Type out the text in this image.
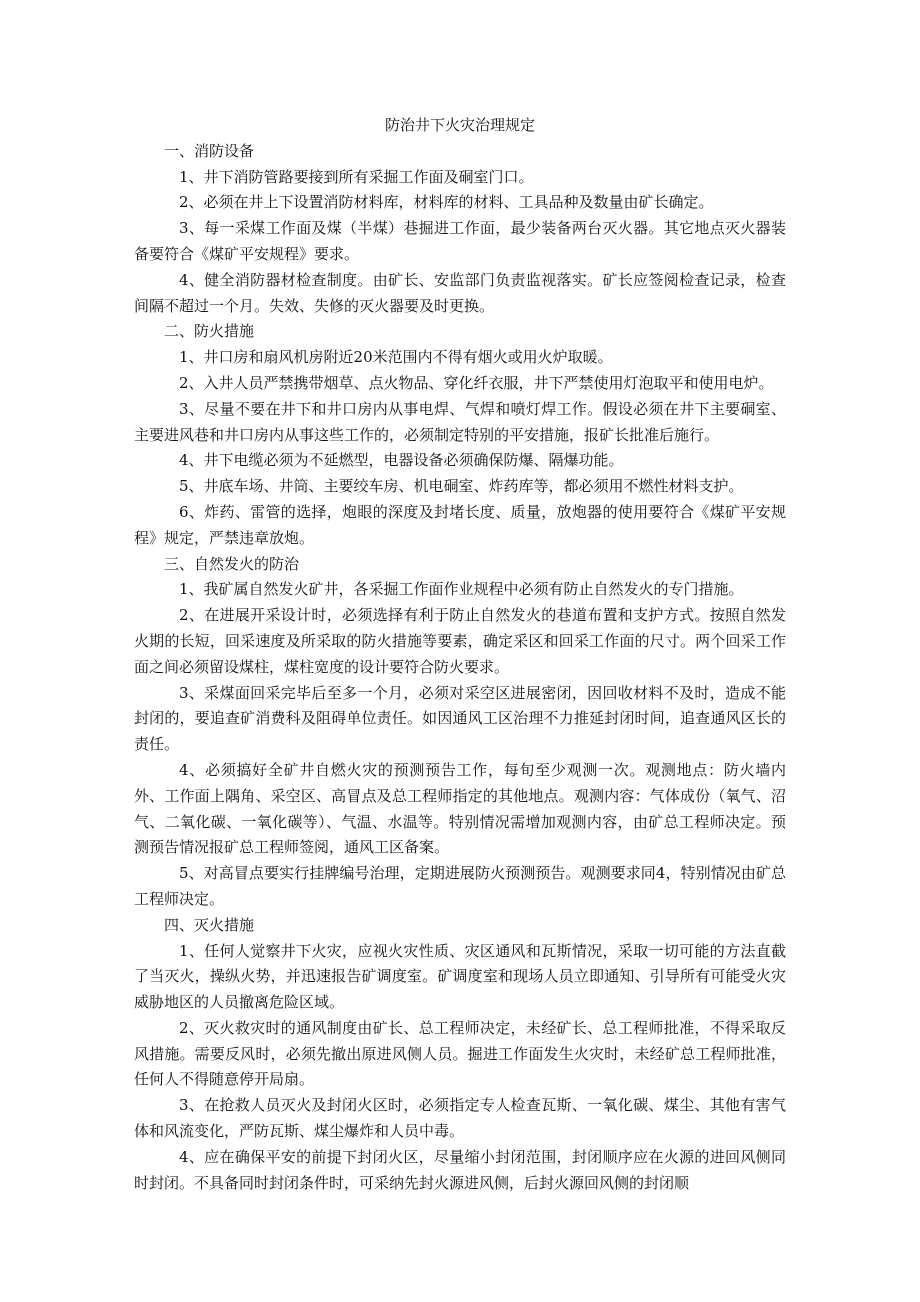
防治井下火灾治理规定

一、消防设备

1、井下消防管路要接到所有采掘工作面及硐室门口。

2、必须在井上下设置消防材料库，材料库的材料、工具品种及数量由矿长确定。

3、每一采煤工作面及煤（半煤）巷掘进工作面，最少装备两台灭火器。其它地点灭火器装备要符合《煤矿平安规程》要求。

4、健全消防器材检查制度。由矿长、安监部门负责监视落实。矿长应签阅检查记录，检查间隔不超过一个月。失效、失修的灭火器要及时更换。

二、防火措施

1、井口房和扇风机房附近20米范围内不得有烟火或用火炉取暖。

2、入井人员严禁携带烟草、点火物品、穿化纤衣服，井下严禁使用灯泡取平和使用电炉。

3、尽量不要在井下和井口房内从事电焊、气焊和喷灯焊工作。假设必须在井下主要硐室、主要进风巷和井口房内从事这些工作的，必须制定特别的平安措施，报矿长批准后施行。

4、井下电缆必须为不延燃型，电器设备必须确保防爆、隔爆功能。

5、井底车场、井筒、主要绞车房、机电硐室、炸药库等，都必须用不燃性材料支护。

6、炸药、雷管的选择，炮眼的深度及封堵长度、质量，放炮器的使用要符合《煤矿平安规程》规定，严禁违章放炮。

三、自然发火的防治

1、我矿属自然发火矿井，各采掘工作面作业规程中必须有防止自然发火的专门措施。

2、在进展开采设计时，必须选择有利于防止自然发火的巷道布置和支护方式。按照自然发火期的长短，回采速度及所采取的防火措施等要素，确定采区和回采工作面的尺寸。两个回采工作面之间必须留设煤柱，煤柱宽度的设计要符合防火要求。

3、采煤面回采完毕后至多一个月，必须对采空区进展密闭，因回收材料不及时，造成不能封闭的，要追查矿消费科及阻碍单位责任。如因通风工区治理不力推延封闭时间，追查通风区长的责任。

4、必须搞好全矿井自燃火灾的预测预告工作，每旬至少观测一次。观测地点：防火墙内外、工作面上隅角、采空区、高冒点及总工程师指定的其他地点。观测内容：气体成份（氧气、沼气、二氧化碳、一氧化碳等）、气温、水温等。特别情况需增加观测内容，由矿总工程师决定。预测预告情况报矿总工程师签阅，通风工区备案。

5、对高冒点要实行挂牌编号治理，定期进展防火预测预告。观测要求同4，特别情况由矿总工程师决定。

四、灭火措施

1、任何人觉察井下火灾，应视火灾性质、灾区通风和瓦斯情况，采取一切可能的方法直截了当灭火，操纵火势，并迅速报告矿调度室。矿调度室和现场人员立即通知、引导所有可能受火灾威胁地区的人员撤离危险区域。

2、灭火救灾时的通风制度由矿长、总工程师决定，未经矿长、总工程师批准，不得采取反风措施。需要反风时，必须先撤出原进风侧人员。掘进工作面发生火灾时，未经矿总工程师批准，任何人不得随意停开局扇。

3、在抢救人员灭火及封闭火区时，必须指定专人检查瓦斯、一氧化碳、煤尘、其他有害气体和风流变化，严防瓦斯、煤尘爆炸和人员中毒。

4、应在确保平安的前提下封闭火区，尽量缩小封闭范围，封闭顺序应在火源的进回风侧同时封闭。不具备同时封闭条件时，可采纳先封火源进风侧，后封火源回风侧的封闭顺
